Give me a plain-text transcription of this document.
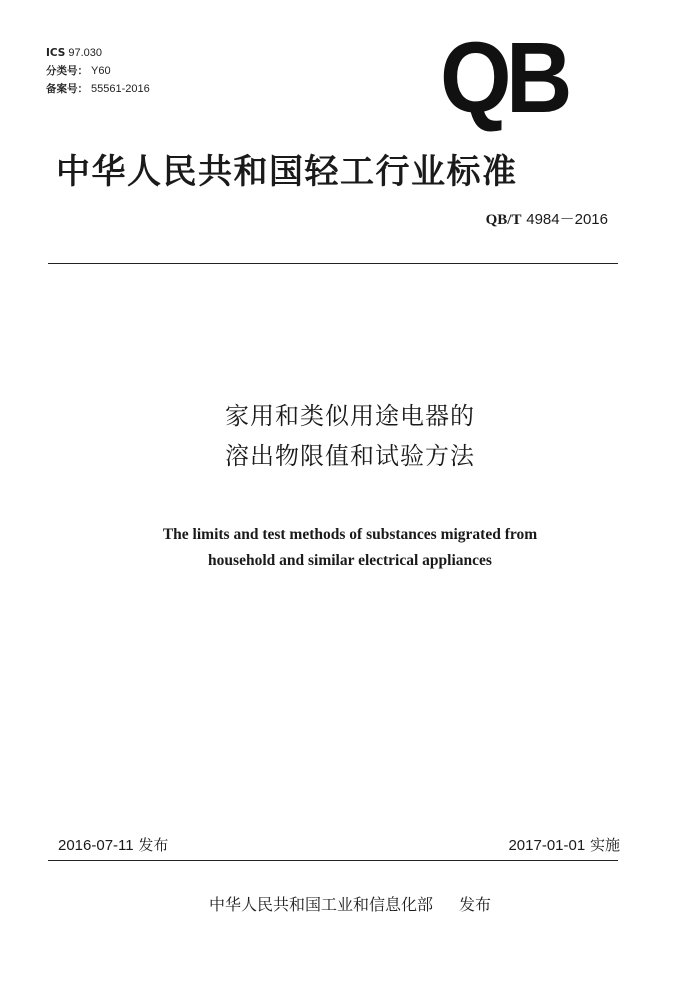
ICS 97.030
分类号： Y60
备案号： 55561-2016	QB
中华人民共和国轻工行业标准
QB/T 4984－2016
家用和类似用途电器的
溶出物限值和试验方法
The limits and test methods of substances migrated from
household and similar electrical appliances
2016-07-11 发布	2017-01-01 实施
中华人民共和国工业和信息化部 发布
